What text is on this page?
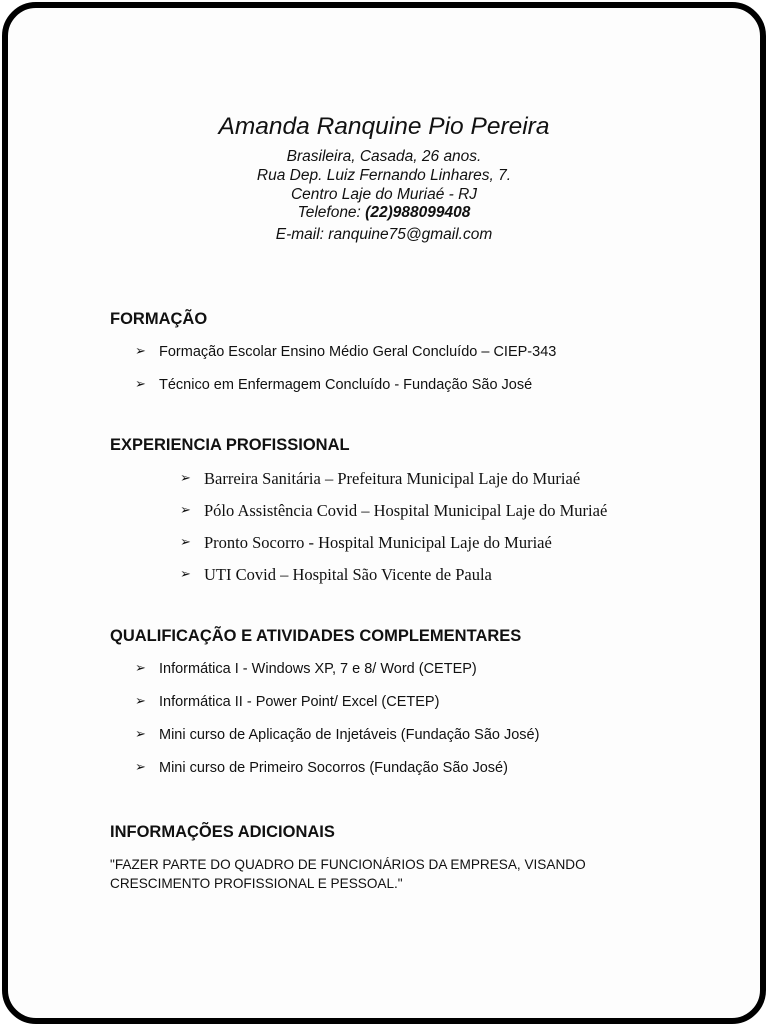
Amanda Ranquine Pio Pereira
Brasileira, Casada, 26 anos.
Rua Dep. Luiz Fernando Linhares, 7.
Centro Laje do Muriaé - RJ
Telefone: (22)988099408
E-mail: ranquine75@gmail.com
FORMAÇÃO
➢ Formação Escolar Ensino Médio Geral Concluído – CIEP-343
➢ Técnico em Enfermagem Concluído - Fundação São José
EXPERIENCIA PROFISSIONAL
➢ Barreira Sanitária – Prefeitura Municipal Laje do Muriaé
➢ Pólo Assistência Covid – Hospital Municipal Laje do Muriaé
➢ Pronto Socorro - Hospital Municipal Laje do Muriaé
➢ UTI Covid – Hospital São Vicente de Paula
QUALIFICAÇÃO E ATIVIDADES COMPLEMENTARES
➢ Informática I - Windows XP, 7 e 8/ Word (CETEP)
➢ Informática II - Power Point/ Excel (CETEP)
➢ Mini curso de Aplicação de Injetáveis (Fundação São José)
➢ Mini curso de Primeiro Socorros (Fundação São José)
INFORMAÇÕES ADICIONAIS
"FAZER PARTE DO QUADRO DE FUNCIONÁRIOS DA EMPRESA, VISANDO
CRESCIMENTO PROFISSIONAL E PESSOAL."
